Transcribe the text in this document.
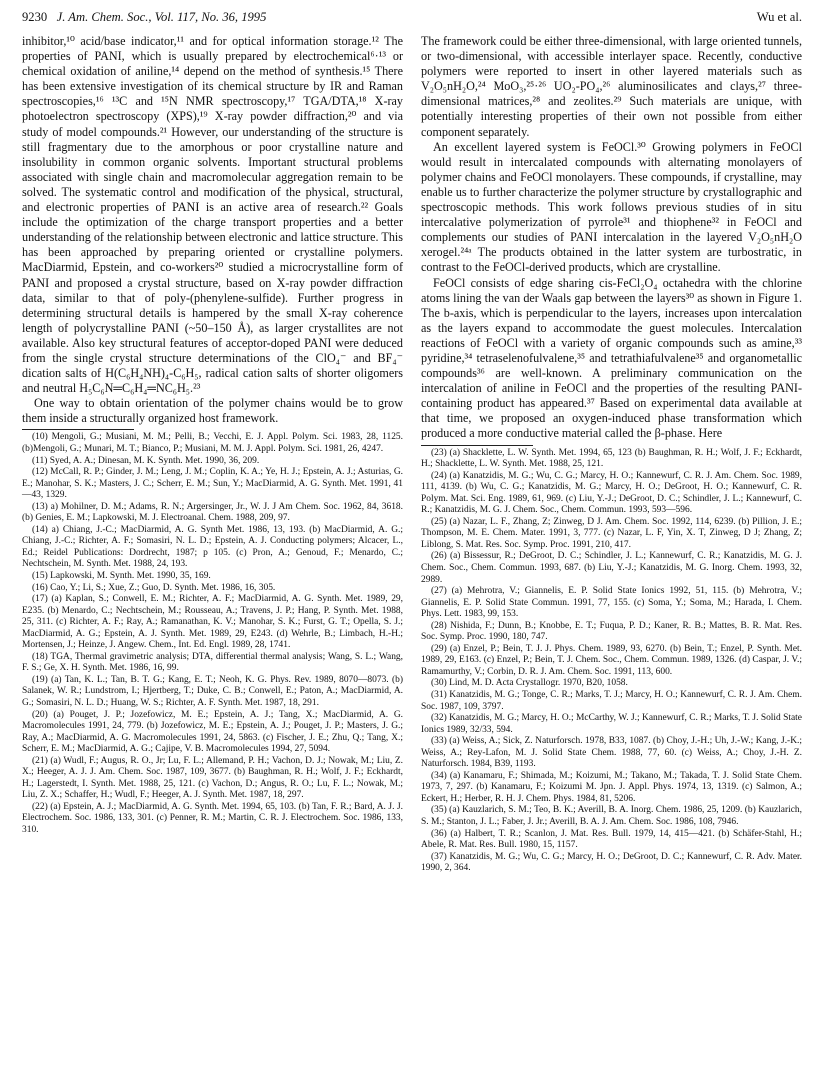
9230 J. Am. Chem. Soc., Vol. 117, No. 36, 1995	Wu et al.

inhibitor,¹⁰ acid/base indicator,¹¹ and for optical information storage.¹² The properties of PANI, which is usually prepared by electrochemical⁶·¹³ or chemical oxidation of aniline,¹⁴ depend on the method of synthesis.¹⁵ There has been extensive investigation of its chemical structure by IR and Raman spectroscopies,¹⁶ ¹³C and ¹⁵N NMR spectroscopy,¹⁷ TGA/DTA,¹⁸ X-ray photoelectron spectroscopy (XPS),¹⁹ X-ray powder diffraction,²⁰ and via study of model compounds.²¹ However, our understanding of the structure is still fragmentary due to the amorphous or poor crystalline nature and insolubility in common organic solvents. Important structural problems associated with single chain and macromolecular aggregation remain to be solved. The systematic control and modification of the physical, structural, and electronic properties of PANI is an active area of research.²² Goals include the optimization of the charge transport properties and a better understanding of the relationship between electronic and lattice structure. This has been approached by preparing oriented or crystalline polymers. MacDiarmid, Epstein, and co-workers²⁰ studied a microcrystalline form of PANI and proposed a crystal structure, based on X-ray powder diffraction data, similar to that of poly-(phenylene-sulfide). Further progress in determining structural details is hampered by the small X-ray coherence length of polycrystalline PANI (~50–150 Å), as larger crystallites are not available. Also key structural features of acceptor-doped PANI were deduced from the single crystal structure determinations of the ClO₄⁻ and BF₄⁻ dication salts of H(C₆H₄NH)₄-C₆H₅, radical cation salts of shorter oligomers and neutral H₅C₆N═C₆H₄═NC₆H₅.²³

One way to obtain orientation of the polymer chains would be to grow them inside a structurally organized host framework.

(10) Mengoli, G.; Musiani, M. M.; Pelli, B.; Vecchi, E. J. Appl. Polym. Sci. 1983, 28, 1125. (b)Mengoli, G.; Munari, M. T.; Bianco, P.; Musiani, M. M. J. Appl. Polym. Sci. 1981, 26, 4247.

(11) Syed, A. A.; Dinesan, M. K. Synth. Met. 1990, 36, 209.

(12) McCall, R. P.; Ginder, J. M.; Leng, J. M.; Coplin, K. A.; Ye, H. J.; Epstein, A. J.; Asturias, G. E.; Manohar, S. K.; Masters, J. C.; Scherr, E. M.; Sun, Y.; MacDiarmid, A. G. Synth. Met. 1991, 41—43, 1329.

(13) a) Mohilner, D. M.; Adams, R. N.; Argersinger, Jr., W. J. J Am Chem. Soc. 1962, 84, 3618. (b) Genies, E. M.; Lapkowski, M. J. Electroanal. Chem. 1988, 209, 97.

(14) a) Chiang, J.-C.; MacDiarmid, A. G. Synth Met. 1986, 13, 193. (b) MacDiarmid, A. G.; Chiang, J.-C.; Richter, A. F.; Somasiri, N. L. D.; Epstein, A. J. Conducting polymers; Alcacer, L., Ed.; Reidel Publications: Dordrecht, 1987; p 105. (c) Pron, A.; Genoud, F.; Menardo, C.; Nechtschein, M. Synth. Met. 1988, 24, 193.

(15) Lapkowski, M. Synth. Met. 1990, 35, 169.

(16) Cao, Y.; Li, S.; Xue, Z.; Guo, D. Synth. Met. 1986, 16, 305.

(17) (a) Kaplan, S.; Conwell, E. M.; Richter, A. F.; MacDiarmid, A. G. Synth. Met. 1989, 29, E235. (b) Menardo, C.; Nechtschein, M.; Rousseau, A.; Travens, J. P.; Hang, P. Synth. Met. 1988, 25, 311. (c) Richter, A. F.; Ray, A.; Ramanathan, K. V.; Manohar, S. K.; Furst, G. T.; Opella, S. J.; MacDiarmid, A. G.; Epstein, A. J. Synth. Met. 1989, 29, E243. (d) Wehrle, B.; Limbach, H.-H.; Mortensen, J.; Heinze, J. Angew. Chem., Int. Ed. Engl. 1989, 28, 1741.

(18) TGA, Thermal gravimetric analysis; DTA, differential thermal analysis; Wang, S. L.; Wang, F. S.; Ge, X. H. Synth. Met. 1986, 16, 99.

(19) (a) Tan, K. L.; Tan, B. T. G.; Kang, E. T.; Neoh, K. G. Phys. Rev. 1989, 8070—8073. (b) Salanek, W. R.; Lundstrom, I.; Hjertberg, T.; Duke, C. B.; Conwell, E.; Paton, A.; MacDiarmid, A. G.; Somasiri, N. L. D.; Huang, W. S.; Richter, A. F. Synth. Met. 1987, 18, 291.

(20) (a) Pouget, J. P.; Jozefowicz, M. E.; Epstein, A. J.; Tang, X.; MacDiarmid, A. G. Macromolecules 1991, 24, 779. (b) Jozefowicz, M. E.; Epstein, A. J.; Pouget, J. P.; Masters, J. G.; Ray, A.; MacDiarmid, A. G. Macromolecules 1991, 24, 5863. (c) Fischer, J. E.; Zhu, Q.; Tang, X.; Scherr, E. M.; MacDiarmid, A. G.; Cajipe, V. B. Macromolecules 1994, 27, 5094.

(21) (a) Wudl, F.; Augus, R. O., Jr; Lu, F. L.; Allemand, P. H.; Vachon, D. J.; Nowak, M.; Liu, Z. X.; Heeger, A. J. J. Am. Chem. Soc. 1987, 109, 3677. (b) Baughman, R. H.; Wolf, J. F.; Eckhardt, H.; Lagerstedt, I. Synth. Met. 1988, 25, 121. (c) Vachon, D.; Angus, R. O.; Lu, F. L.; Nowak, M.; Liu, Z. X.; Schaffer, H.; Wudl, F.; Heeger, A. J. Synth. Met. 1987, 18, 297.

(22) (a) Epstein, A. J.; MacDiarmid, A. G. Synth. Met. 1994, 65, 103. (b) Tan, F. R.; Bard, A. J. J. Electrochem. Soc. 1986, 133, 301. (c) Penner, R. M.; Martin, C. R. J. Electrochem. Soc. 1986, 133, 310.

The framework could be either three-dimensional, with large oriented tunnels, or two-dimensional, with accessible interlayer space. Recently, conductive polymers were reported to insert in other layered materials such as V₂O₅nH₂O,²⁴ MoO₃,²⁵·²⁶ UO₂-PO₄,²⁶ aluminosilicates and clays,²⁷ three-dimensional matrices,²⁸ and zeolites.²⁹ Such materials are unique, with potentially interesting properties of their own not possible from either component separately.

An excellent layered system is FeOCl.³⁰ Growing polymers in FeOCl would result in intercalated compounds with alternating monolayers of polymer chains and FeOCl monolayers. These compounds, if crystalline, may enable us to further characterize the polymer structure by crystallographic and spectroscopic methods. This work follows previous studies of in situ intercalative polymerization of pyrrole³¹ and thiophene³² in FeOCl and complements our studies of PANI intercalation in the layered V₂O₅nH₂O xerogel.²⁴ᵃ The products obtained in the latter system are turbostratic, in contrast to the FeOCl-derived products, which are crystalline.

FeOCl consists of edge sharing cis-FeCl₂O₄ octahedra with the chlorine atoms lining the van der Waals gap between the layers³⁰ as shown in Figure 1. The b-axis, which is perpendicular to the layers, increases upon intercalation as the layers expand to accommodate the guest molecules. Intercalation reactions of FeOCl with a variety of organic compounds such as amine,³³ pyridine,³⁴ tetraselenofulvalene,³⁵ and tetrathiafulvalene³⁵ and organometallic compounds³⁶ are well-known. A preliminary communication on the intercalation of aniline in FeOCl and the properties of the resulting PANI-containing product has appeared.³⁷ Based on experimental data available at that time, we proposed an oxygen-induced phase transformation which produced a more conductive material called the β-phase. Here

(23) (a) Shacklette, L. W. Synth. Met. 1994, 65, 123 (b) Baughman, R. H.; Wolf, J. F.; Eckhardt, H.; Shacklette, L. W. Synth. Met. 1988, 25, 121.

(24) (a) Kanatzidis, M. G.; Wu, C. G.; Marcy, H. O.; Kannewurf, C. R. J. Am. Chem. Soc. 1989, 111, 4139. (b) Wu, C. G.; Kanatzidis, M. G.; Marcy, H. O.; DeGroot, H. O.; Kannewurf, C. R. Polym. Mat. Sci. Eng. 1989, 61, 969. (c) Liu, Y.-J.; DeGroot, D. C.; Schindler, J. L.; Kannewurf, C. R.; Kanatzidis, M. G. J. Chem. Soc., Chem. Commun. 1993, 593—596.

(25) (a) Nazar, L. F., Zhang, Z; Zinweg, D J. Am. Chem. Soc. 1992, 114, 6239. (b) Pillion, J. E.; Thompson, M. E. Chem. Mater. 1991, 3, 777. (c) Nazar, L. F, Yin, X. T, Zinweg, D J; Zhang, Z; Liblong, S. Mat. Res. Soc. Symp. Proc. 1991, 210, 417.

(26) (a) Bissessur, R.; DeGroot, D. C.; Schindler, J. L.; Kannewurf, C. R.; Kanatzidis, M. G. J. Chem. Soc., Chem. Commun. 1993, 687. (b) Liu, Y.-J.; Kanatzidis, M. G. Inorg. Chem. 1993, 32, 2989.

(27) (a) Mehrotra, V.; Giannelis, E. P. Solid State Ionics 1992, 51, 115. (b) Mehrotra, V.; Giannelis, E. P. Solid State Commun. 1991, 77, 155. (c) Soma, Y.; Soma, M.; Harada, I. Chem. Phys. Lett. 1983, 99, 153.

(28) Nishida, F.; Dunn, B.; Knobbe, E. T.; Fuqua, P. D.; Kaner, R. B.; Mattes, B. R. Mat. Res. Soc. Symp. Proc. 1990, 180, 747.

(29) (a) Enzel, P.; Bein, T. J. J. Phys. Chem. 1989, 93, 6270. (b) Bein, T.; Enzel, P. Synth. Met. 1989, 29, E163. (c) Enzel, P.; Bein, T. J. Chem. Soc., Chem. Commun. 1989, 1326. (d) Caspar, J. V.; Ramamurthy, V.; Corbin, D. R. J. Am. Chem. Soc. 1991, 113, 600.

(30) Lind, M. D. Acta Crystallogr. 1970, B20, 1058.

(31) Kanatzidis, M. G.; Tonge, C. R.; Marks, T. J.; Marcy, H. O.; Kannewurf, C. R. J. Am. Chem. Soc. 1987, 109, 3797.

(32) Kanatzidis, M. G.; Marcy, H. O.; McCarthy, W. J.; Kannewurf, C. R.; Marks, T. J. Solid State Ionics 1989, 32/33, 594.

(33) (a) Weiss, A.; Sick, Z. Naturforsch. 1978, B33, 1087. (b) Choy, J.-H.; Uh, J.-W.; Kang, J.-K.; Weiss, A.; Rey-Lafon, M. J. Solid State Chem. 1988, 77, 60. (c) Weiss, A.; Choy, J.-H. Z. Naturforsch. 1984, B39, 1193.

(34) (a) Kanamaru, F.; Shimada, M.; Koizumi, M.; Takano, M.; Takada, T. J. Solid State Chem. 1973, 7, 297. (b) Kanamaru, F.; Koizumi M. Jpn. J. Appl. Phys. 1974, 13, 1319. (c) Salmon, A.; Eckert, H.; Herber, R. H. J. Chem. Phys. 1984, 81, 5206.

(35) (a) Kauzlarich, S. M.; Teo, B. K.; Averill, B. A. Inorg. Chem. 1986, 25, 1209. (b) Kauzlarich, S. M.; Stanton, J. L.; Faber, J. Jr.; Averill, B. A. J. Am. Chem. Soc. 1986, 108, 7946.

(36) (a) Halbert, T. R.; Scanlon, J. Mat. Res. Bull. 1979, 14, 415—421. (b) Schäfer-Stahl, H.; Abele, R. Mat. Res. Bull. 1980, 15, 1157.

(37) Kanatzidis, M. G.; Wu, C. G.; Marcy, H. O.; DeGroot, D. C.; Kannewurf, C. R. Adv. Mater. 1990, 2, 364.
